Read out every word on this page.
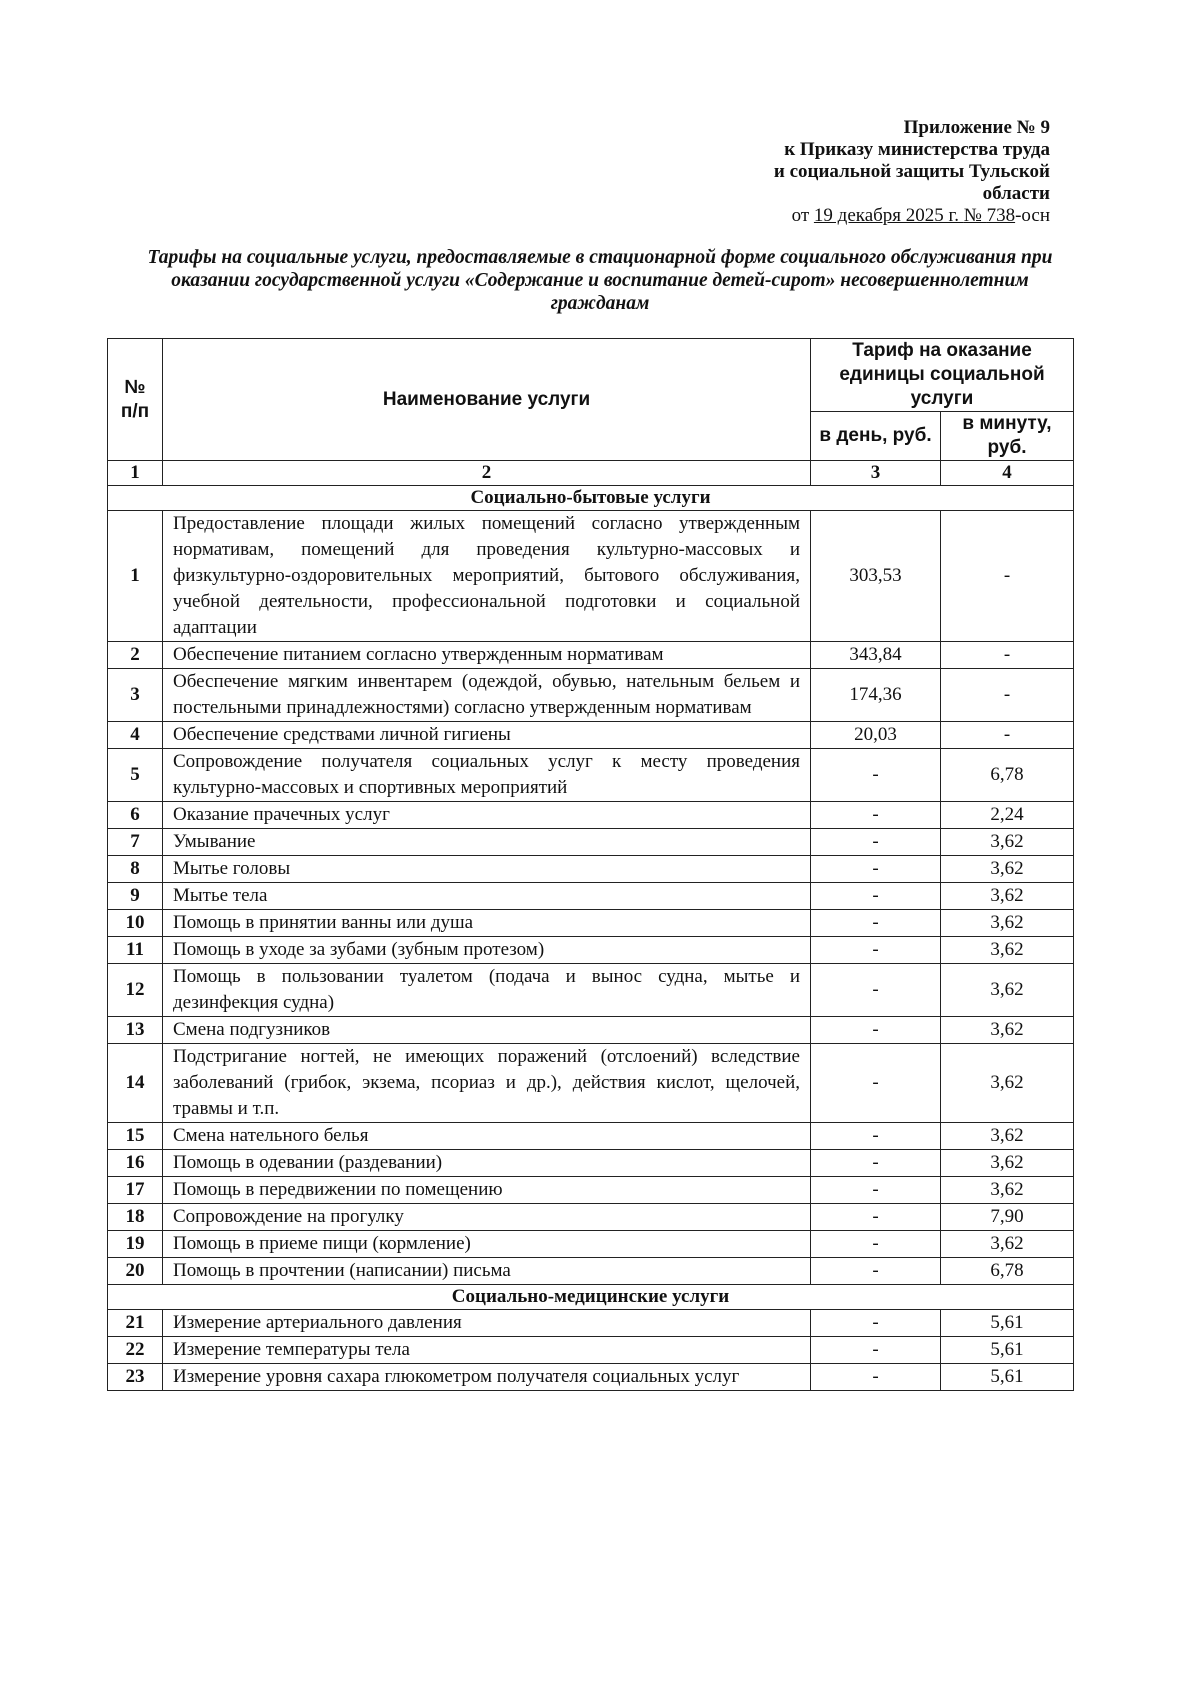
Приложение № 9
к Приказу министерства труда
и социальной защиты Тульской
области
от 19 декабря 2025 г. № 738-осн
Тарифы на социальные услуги, предоставляемые в стационарной форме социального обслуживания при оказании государственной услуги «Содержание и воспитание детей-сирот» несовершеннолетним гражданам
№ п/п	Наименование услуги	Тариф на оказание единицы социальной услуги	
		в день, руб.	в минуту, руб.
1	2	3	4
Социально-бытовые услуги			
1	Предоставление площади жилых помещений согласно утвержденным нормативам, помещений для проведения культурно-массовых и физкультурно-оздоровительных мероприятий, бытового обслуживания, учебной деятельности, профессиональной подготовки и социальной адаптации	303,53	-
2	Обеспечение питанием согласно утвержденным нормативам	343,84	-
3	Обеспечение мягким инвентарем (одеждой, обувью, нательным бельем и постельными принадлежностями) согласно утвержденным нормативам	174,36	-
4	Обеспечение средствами личной гигиены	20,03	-
5	Сопровождение получателя социальных услуг к месту проведения культурно-массовых и спортивных мероприятий	-	6,78
6	Оказание прачечных услуг	-	2,24
7	Умывание	-	3,62
8	Мытье головы	-	3,62
9	Мытье тела	-	3,62
10	Помощь в принятии ванны или душа	-	3,62
11	Помощь в уходе за зубами (зубным протезом)	-	3,62
12	Помощь в пользовании туалетом (подача и вынос судна, мытье и дезинфекция судна)	-	3,62
13	Смена подгузников	-	3,62
14	Подстригание ногтей, не имеющих поражений (отслоений) вследствие заболеваний (грибок, экзема, псориаз и др.), действия кислот, щелочей, травмы и т.п.	-	3,62
15	Смена нательного белья	-	3,62
16	Помощь в одевании (раздевании)	-	3,62
17	Помощь в передвижении по помещению	-	3,62
18	Сопровождение на прогулку	-	7,90
19	Помощь в приеме пищи (кормление)	-	3,62
20	Помощь в прочтении (написании) письма	-	6,78
Социально-медицинские услуги			
21	Измерение артериального давления	-	5,61
22	Измерение температуры тела	-	5,61
23	Измерение уровня сахара глюкометром получателя социальных услуг	-	5,61
